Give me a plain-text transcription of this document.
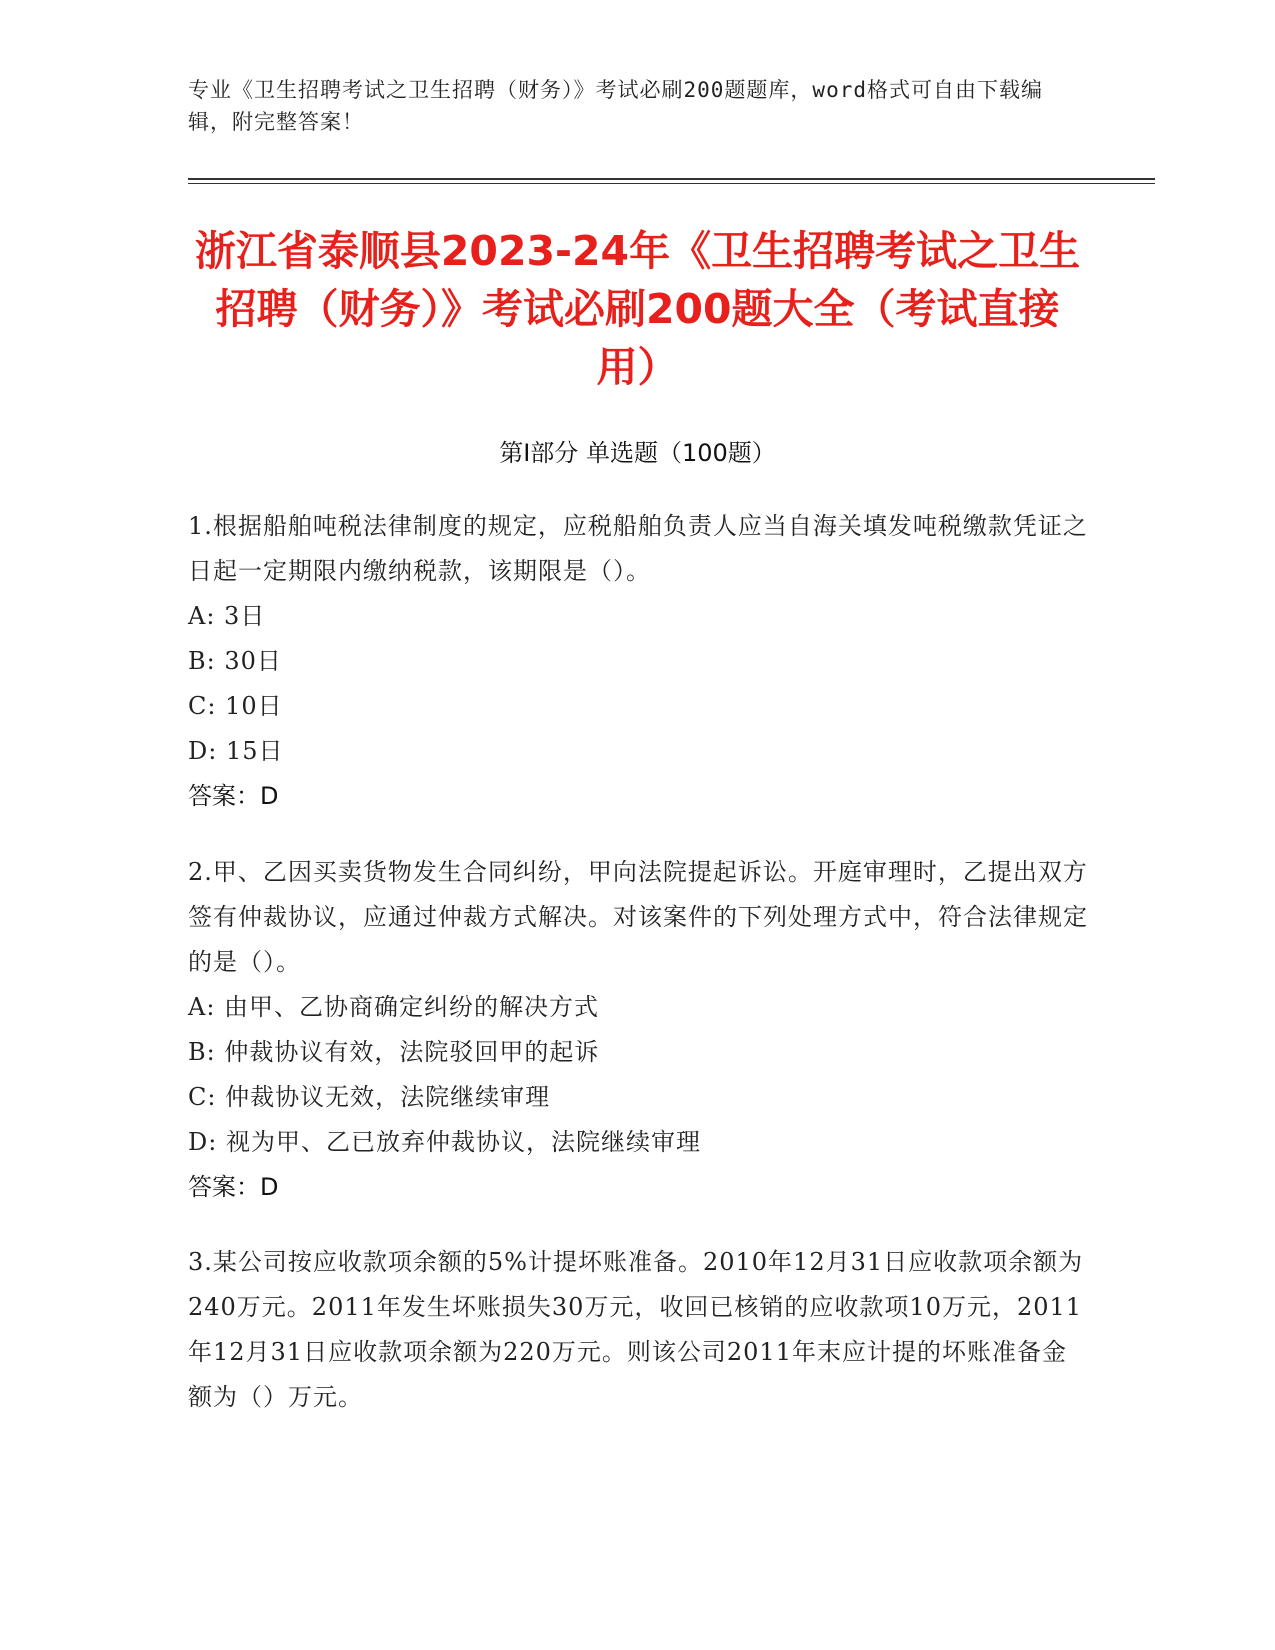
专业《卫生招聘考试之卫生招聘（财务）》考试必刷200题题库，word格式可自由下载编辑，附完整答案！
浙江省泰顺县2023-24年《卫生招聘考试之卫生招聘（财务）》考试必刷200题大全（考试直接用）
第Ⅰ部分 单选题（100题）
1.根据船舶吨税法律制度的规定，应税船舶负责人应当自海关填发吨税缴款凭证之日起一定期限内缴纳税款，该期限是（）。
A: 3日
B: 30日
C: 10日
D: 15日
答案：D
2.甲、乙因买卖货物发生合同纠纷，甲向法院提起诉讼。开庭审理时，乙提出双方签有仲裁协议，应通过仲裁方式解决。对该案件的下列处理方式中，符合法律规定的是（）。
A: 由甲、乙协商确定纠纷的解决方式
B: 仲裁协议有效，法院驳回甲的起诉
C: 仲裁协议无效，法院继续审理
D: 视为甲、乙已放弃仲裁协议，法院继续审理
答案：D
3.某公司按应收款项余额的5%计提坏账准备。2010年12月31日应收款项余额为240万元。2011年发生坏账损失30万元，收回已核销的应收款项10万元，2011年12月31日应收款项余额为220万元。则该公司2011年末应计提的坏账准备金额为（）万元。
